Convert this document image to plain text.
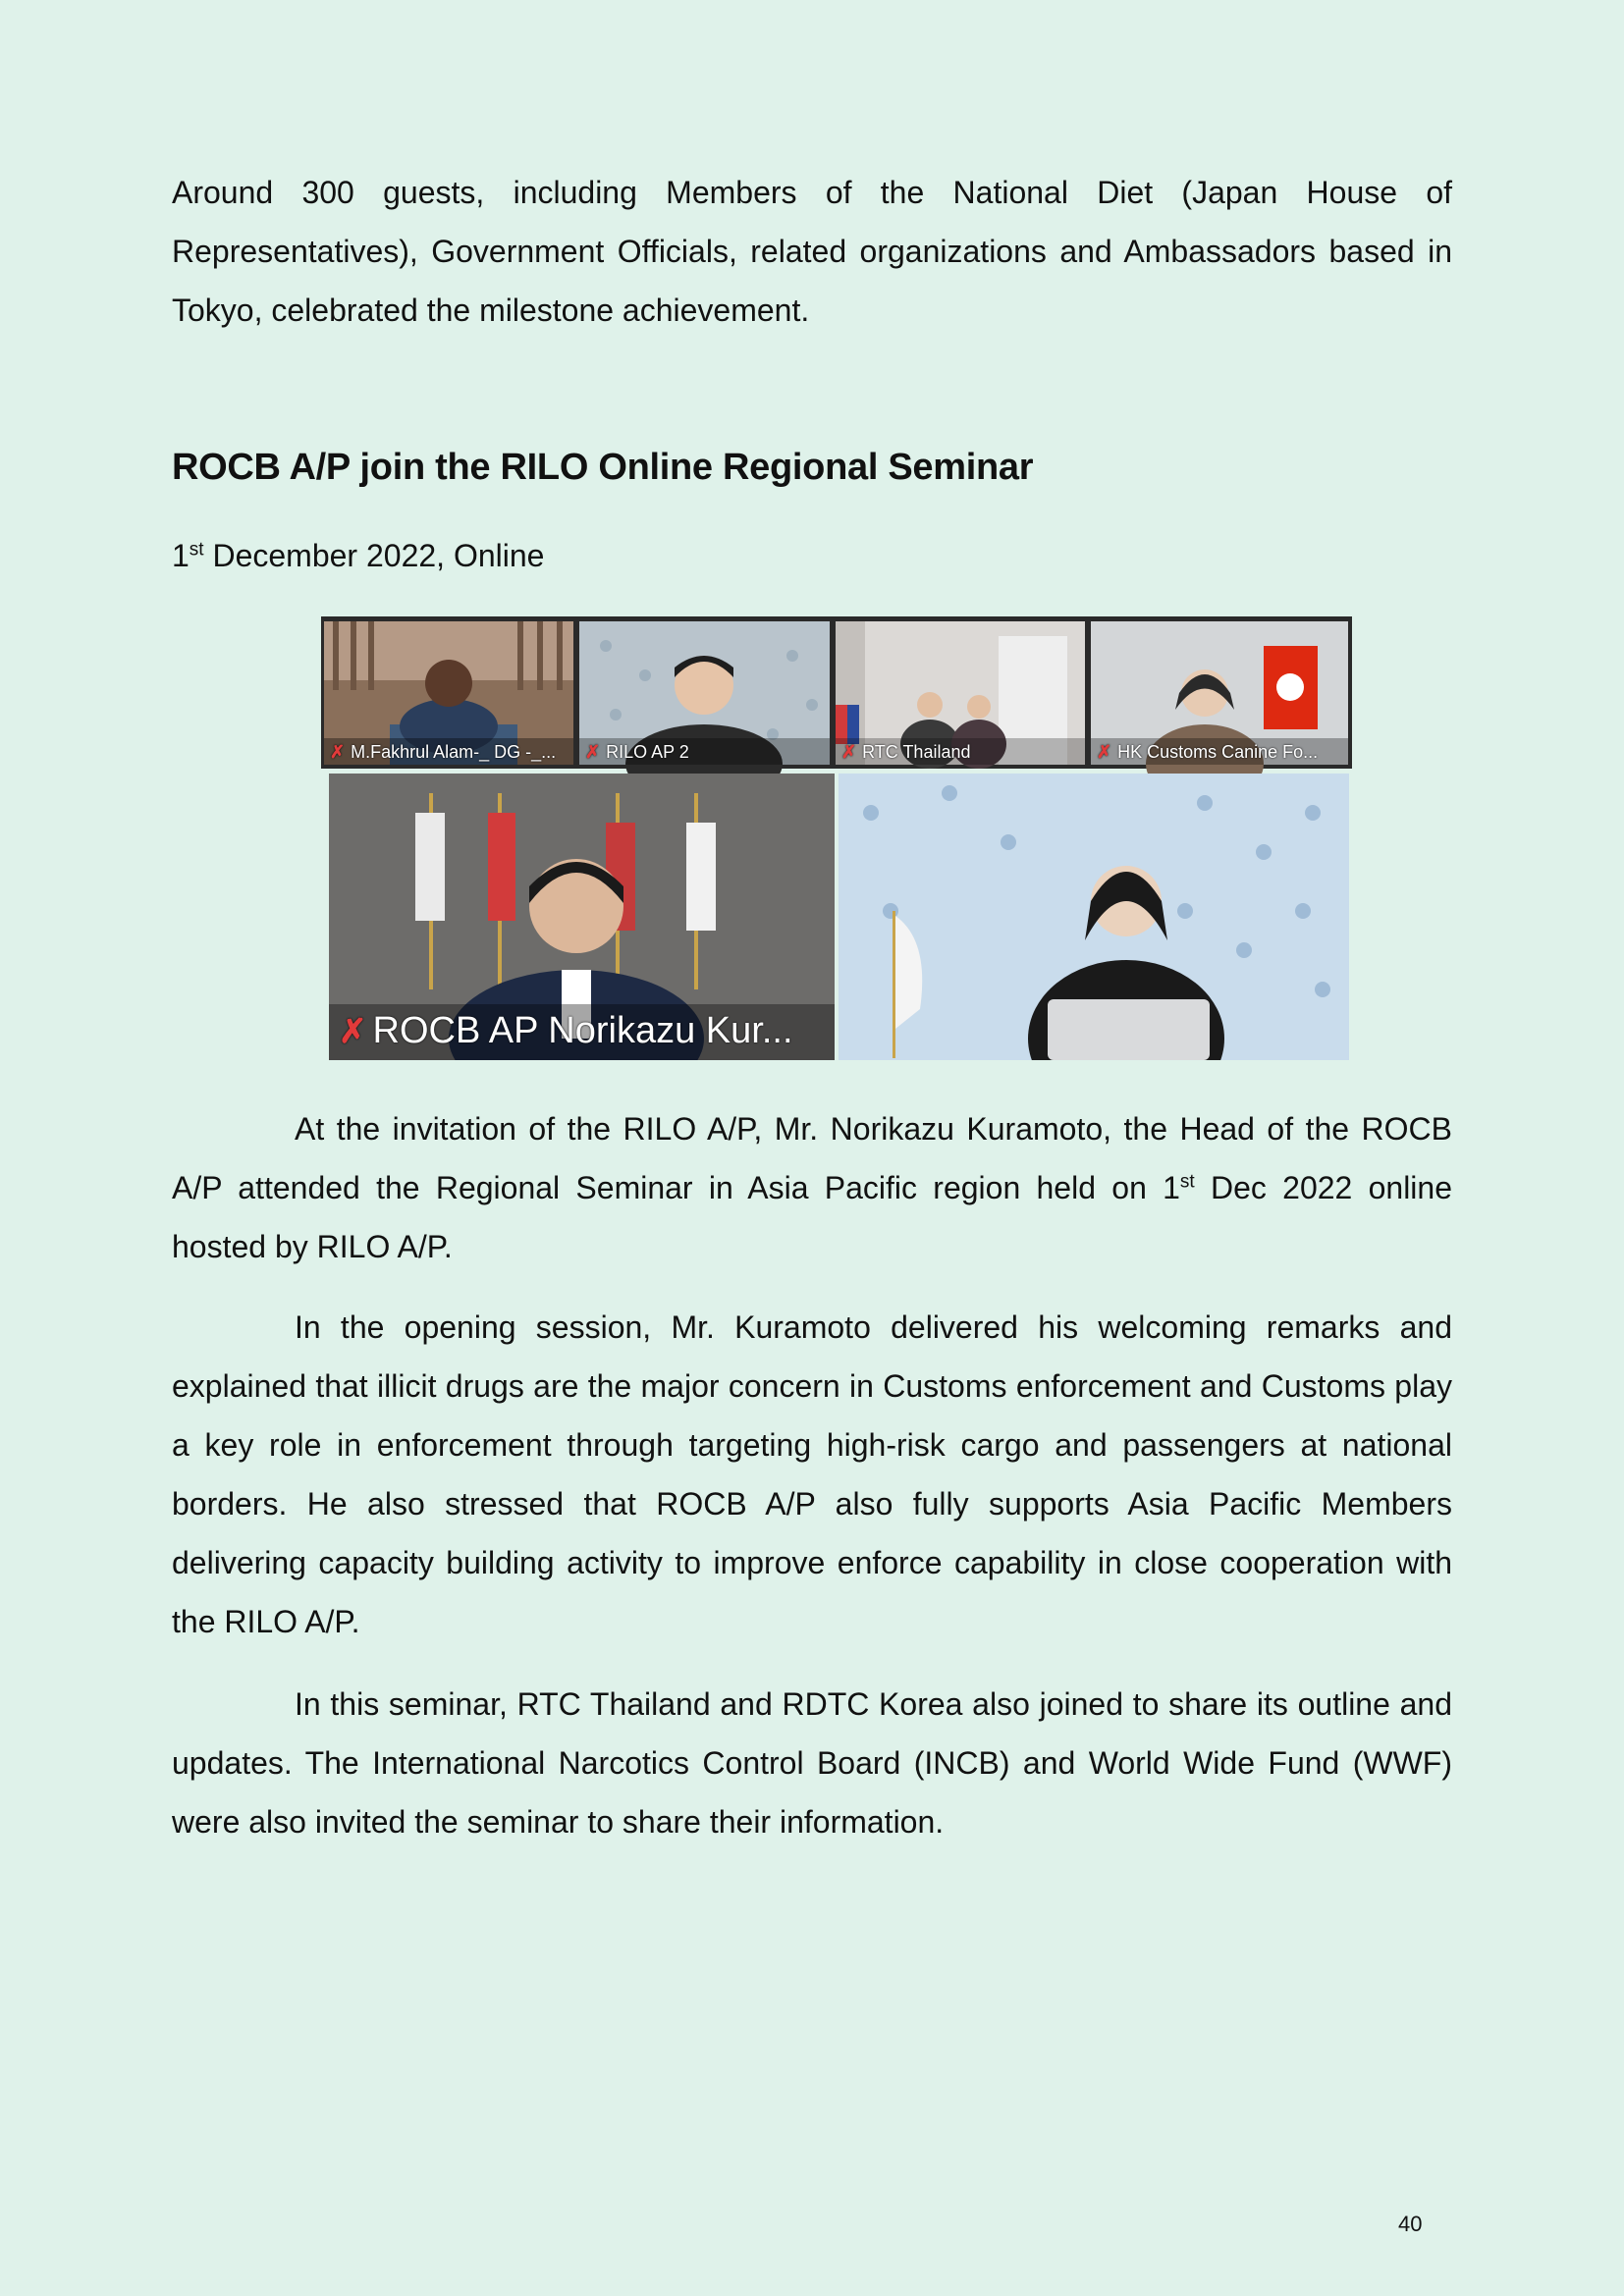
Around 300 guests, including Members of the National Diet (Japan House of Representatives), Government Officials, related organizations and Ambassadors based in Tokyo, celebrated the milestone achievement.

ROCB A/P join the RILO Online Regional Seminar

1st December 2022, Online

✗ M.Fakhrul Alam-_ DG -_... ✗ RILO AP 2	✗ RTC Thailand	✗ HK Customs Canine Fo...
✗ ROCB AP Norikazu Kur...

At the invitation of the RILO A/P, Mr. Norikazu Kuramoto, the Head of the ROCB A/P attended the Regional Seminar in Asia Pacific region held on 1st Dec 2022 online hosted by RILO A/P.

In the opening session, Mr. Kuramoto delivered his welcoming remarks and explained that illicit drugs are the major concern in Customs enforcement and Customs play a key role in enforcement through targeting high-risk cargo and passengers at national borders. He also stressed that ROCB A/P also fully supports Asia Pacific Members delivering capacity building activity to improve enforce capability in close cooperation with the RILO A/P.

In this seminar, RTC Thailand and RDTC Korea also joined to share its outline and updates. The International Narcotics Control Board (INCB) and World Wide Fund (WWF) were also invited the seminar to share their information.

40
